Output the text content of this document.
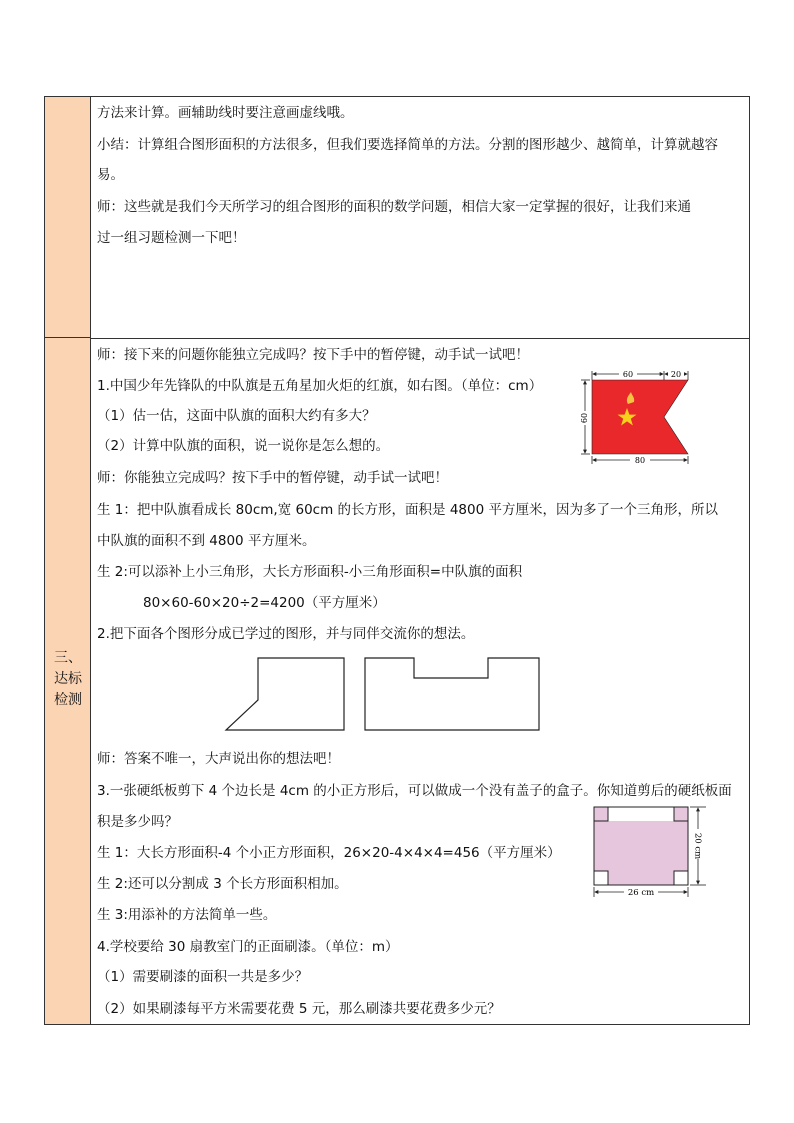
三、
达标
检测
方法来计算。画辅助线时要注意画虚线哦。
小结：计算组合图形面积的方法很多，但我们要选择简单的方法。分割的图形越少、越简单，计算就越容
易。
师：这些就是我们今天所学习的组合图形的面积的数学问题，相信大家一定掌握的很好，让我们来通
过一组习题检测一下吧！
师：接下来的问题你能独立完成吗？按下手中的暂停键，动手试一试吧！
1.中国少年先锋队的中队旗是五角星加火炬的红旗，如右图。（单位：cm）
（1）估一估，这面中队旗的面积大约有多大？
（2）计算中队旗的面积，说一说你是怎么想的。
师：你能独立完成吗？按下手中的暂停键，动手试一试吧！
生 1：把中队旗看成长 80cm,宽 60cm 的长方形，面积是 4800 平方厘米，因为多了一个三角形，所以
中队旗的面积不到 4800 平方厘米。
生 2:可以添补上小三角形，大长方形面积-小三角形面积=中队旗的面积
80×60-60×20÷2=4200（平方厘米）
2.把下面各个图形分成已学过的图形，并与同伴交流你的想法。
师：答案不唯一，大声说出你的想法吧！
3.一张硬纸板剪下 4 个边长是 4cm 的小正方形后，可以做成一个没有盖子的盒子。你知道剪后的硬纸板面
积是多少吗？
生 1：大长方形面积-4 个小正方形面积，26×20-4×4×4=456（平方厘米）
生 2:还可以分割成 3 个长方形面积相加。
生 3:用添补的方法简单一些。
4.学校要给 30 扇教室门的正面刷漆。（单位：m）
（1）需要刷漆的面积一共是多少？
（2）如果刷漆每平方米需要花费 5 元，那么刷漆共要花费多少元？
60	20
60
80
20 cm
26 cm
